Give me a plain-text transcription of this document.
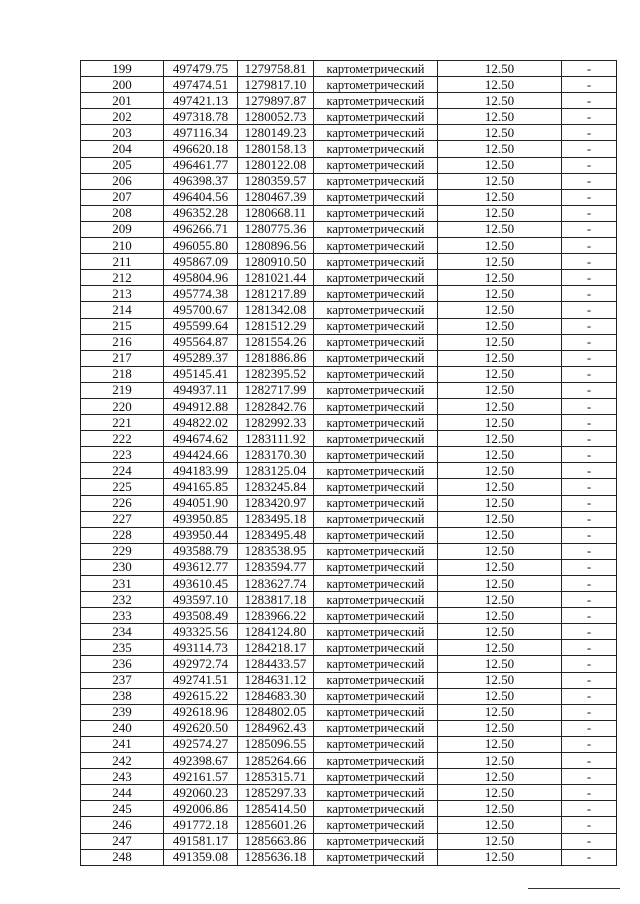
199	497479.75	1279758.81	картометрический	12.50	-
200	497474.51	1279817.10	картометрический	12.50	-
201	497421.13	1279897.87	картометрический	12.50	-
202	497318.78	1280052.73	картометрический	12.50	-
203	497116.34	1280149.23	картометрический	12.50	-
204	496620.18	1280158.13	картометрический	12.50	-
205	496461.77	1280122.08	картометрический	12.50	-
206	496398.37	1280359.57	картометрический	12.50	-
207	496404.56	1280467.39	картометрический	12.50	-
208	496352.28	1280668.11	картометрический	12.50	-
209	496266.71	1280775.36	картометрический	12.50	-
210	496055.80	1280896.56	картометрический	12.50	-
211	495867.09	1280910.50	картометрический	12.50	-
212	495804.96	1281021.44	картометрический	12.50	-
213	495774.38	1281217.89	картометрический	12.50	-
214	495700.67	1281342.08	картометрический	12.50	-
215	495599.64	1281512.29	картометрический	12.50	-
216	495564.87	1281554.26	картометрический	12.50	-
217	495289.37	1281886.86	картометрический	12.50	-
218	495145.41	1282395.52	картометрический	12.50	-
219	494937.11	1282717.99	картометрический	12.50	-
220	494912.88	1282842.76	картометрический	12.50	-
221	494822.02	1282992.33	картометрический	12.50	-
222	494674.62	1283111.92	картометрический	12.50	-
223	494424.66	1283170.30	картометрический	12.50	-
224	494183.99	1283125.04	картометрический	12.50	-
225	494165.85	1283245.84	картометрический	12.50	-
226	494051.90	1283420.97	картометрический	12.50	-
227	493950.85	1283495.18	картометрический	12.50	-
228	493950.44	1283495.48	картометрический	12.50	-
229	493588.79	1283538.95	картометрический	12.50	-
230	493612.77	1283594.77	картометрический	12.50	-
231	493610.45	1283627.74	картометрический	12.50	-
232	493597.10	1283817.18	картометрический	12.50	-
233	493508.49	1283966.22	картометрический	12.50	-
234	493325.56	1284124.80	картометрический	12.50	-
235	493114.73	1284218.17	картометрический	12.50	-
236	492972.74	1284433.57	картометрический	12.50	-
237	492741.51	1284631.12	картометрический	12.50	-
238	492615.22	1284683.30	картометрический	12.50	-
239	492618.96	1284802.05	картометрический	12.50	-
240	492620.50	1284962.43	картометрический	12.50	-
241	492574.27	1285096.55	картометрический	12.50	-
242	492398.67	1285264.66	картометрический	12.50	-
243	492161.57	1285315.71	картометрический	12.50	-
244	492060.23	1285297.33	картометрический	12.50	-
245	492006.86	1285414.50	картометрический	12.50	-
246	491772.18	1285601.26	картометрический	12.50	-
247	491581.17	1285663.86	картометрический	12.50	-
248	491359.08	1285636.18	картометрический	12.50	-
